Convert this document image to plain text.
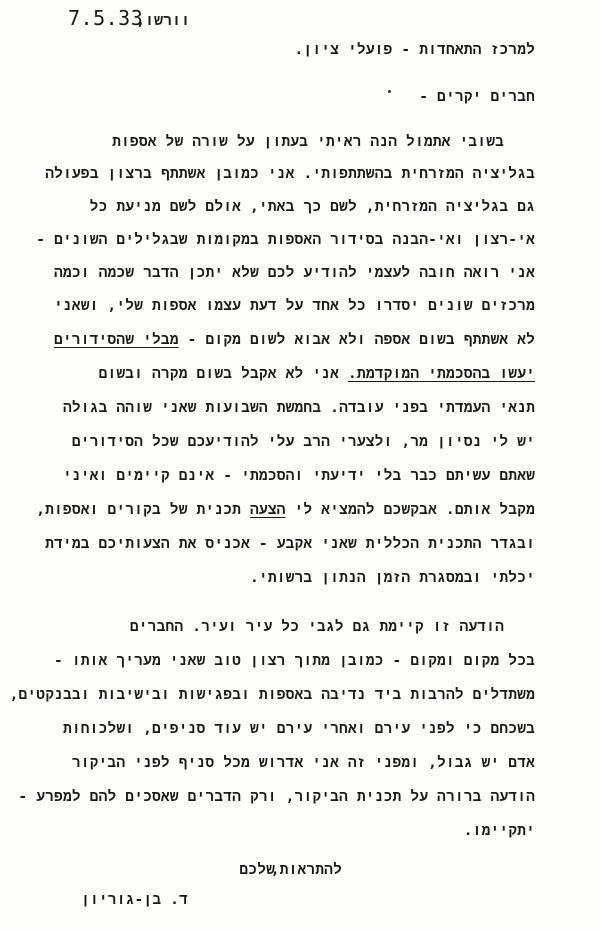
7.5.33
וורשו,
למרכז התאחדות - פועלי ציון.
חברים יקרים -
בשובי אתמול הנה ראיתי בעתון על שורה של אספות
בגליציה המזרחית בהשתתפותי. אני כמובן אשתתף ברצון בפעולה
גם בגליציה המזרחית, לשם כך באתי, אולם לשם מניעת כל
אי-רצון ואי-הבנה בסידור האספות במקומות שבגלילים השונים -
אני רואה חובה לעצמי להודיע לכם שלא יתכן הדבר שכמה וכמה
מרכזים שונים יסדרו כל אחד על דעת עצמו אספות שלי, ושאני
לא אשתתף בשום אספה ולא אבוא לשום מקום - מבלי שהסידורים
יעשו בהסכמתי המוקדמת. אני לא אקבל בשום מקרה ובשום
תנאי העמדתי בפני עובדה. בחמשת השבועות שאני שוהה בגולה
יש לי נסיון מר, ולצערי הרב עלי להודיעכם שכל הסידורים
שאתם עשיתם כבר בלי ידיעתי והסכמתי - אינם קיימים ואיני
מקבל אותם. אבקשכם להמציא לי הצעה תכנית של בקורים ואספות,
ובגדר התכנית הכללית שאני אקבע - אכניס את הצעותיכם במידת
יכלתי ובמסגרת הזמן הנתון ברשותי.
הודעה זו קיימת גם לגבי כל עיר ועיר. החברים
בכל מקום ומקום - כמובן מתוך רצון טוב שאני מעריך אותו -
משתדלים להרבות ביד נדיבה באספות ובפגישות ובישיבות ובבנקטים,
בשכחם כי לפני עירם ואחרי עירם יש עוד סניפים, ושלכוחות
אדם יש גבול, ומפני זה אני אדרוש מכל סניף לפני הביקור
הודעה ברורה על תכנית הביקור, ורק הדברים שאסכים להם למפרע -
יתקיימו.
להתראות,
שלכם
ד. בן-גוריון
